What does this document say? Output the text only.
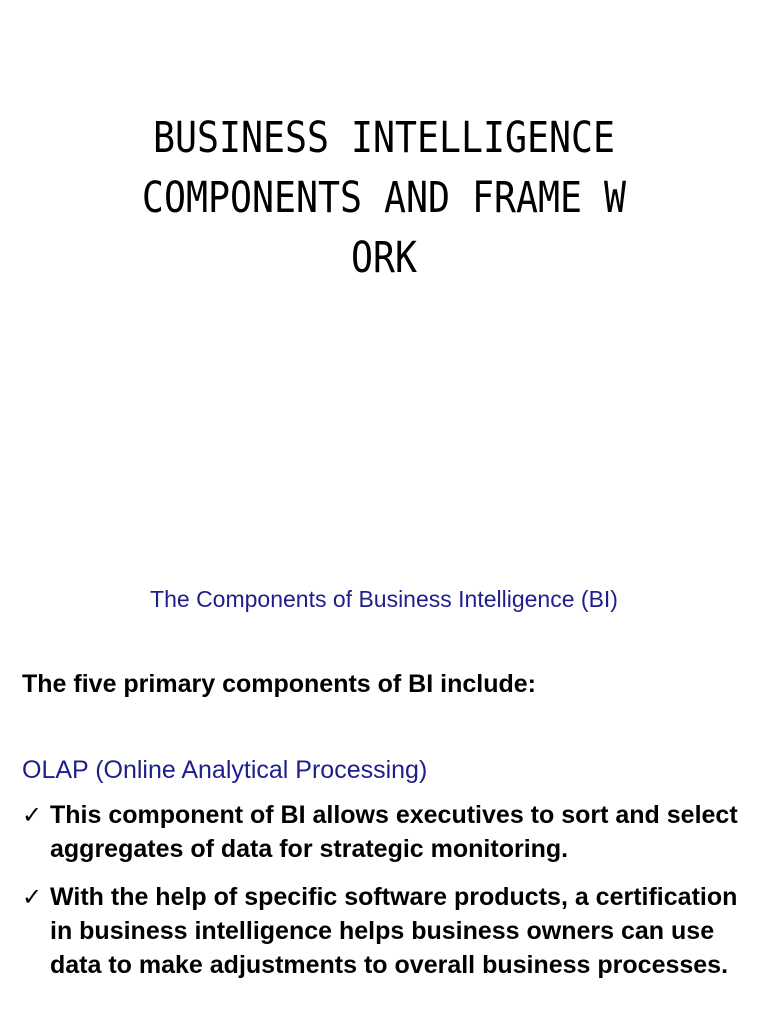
BUSINESS INTELLIGENCE
COMPONENTS AND FRAME W
ORK
The Components of Business Intelligence (BI)
The five primary components of BI include:
OLAP (Online Analytical Processing)
✓ This component of BI allows executives to sort and select aggregates of data for strategic monitoring.
✓ With the help of specific software products, a certification in business intelligence helps business owners can use data to make adjustments to overall business processes.
